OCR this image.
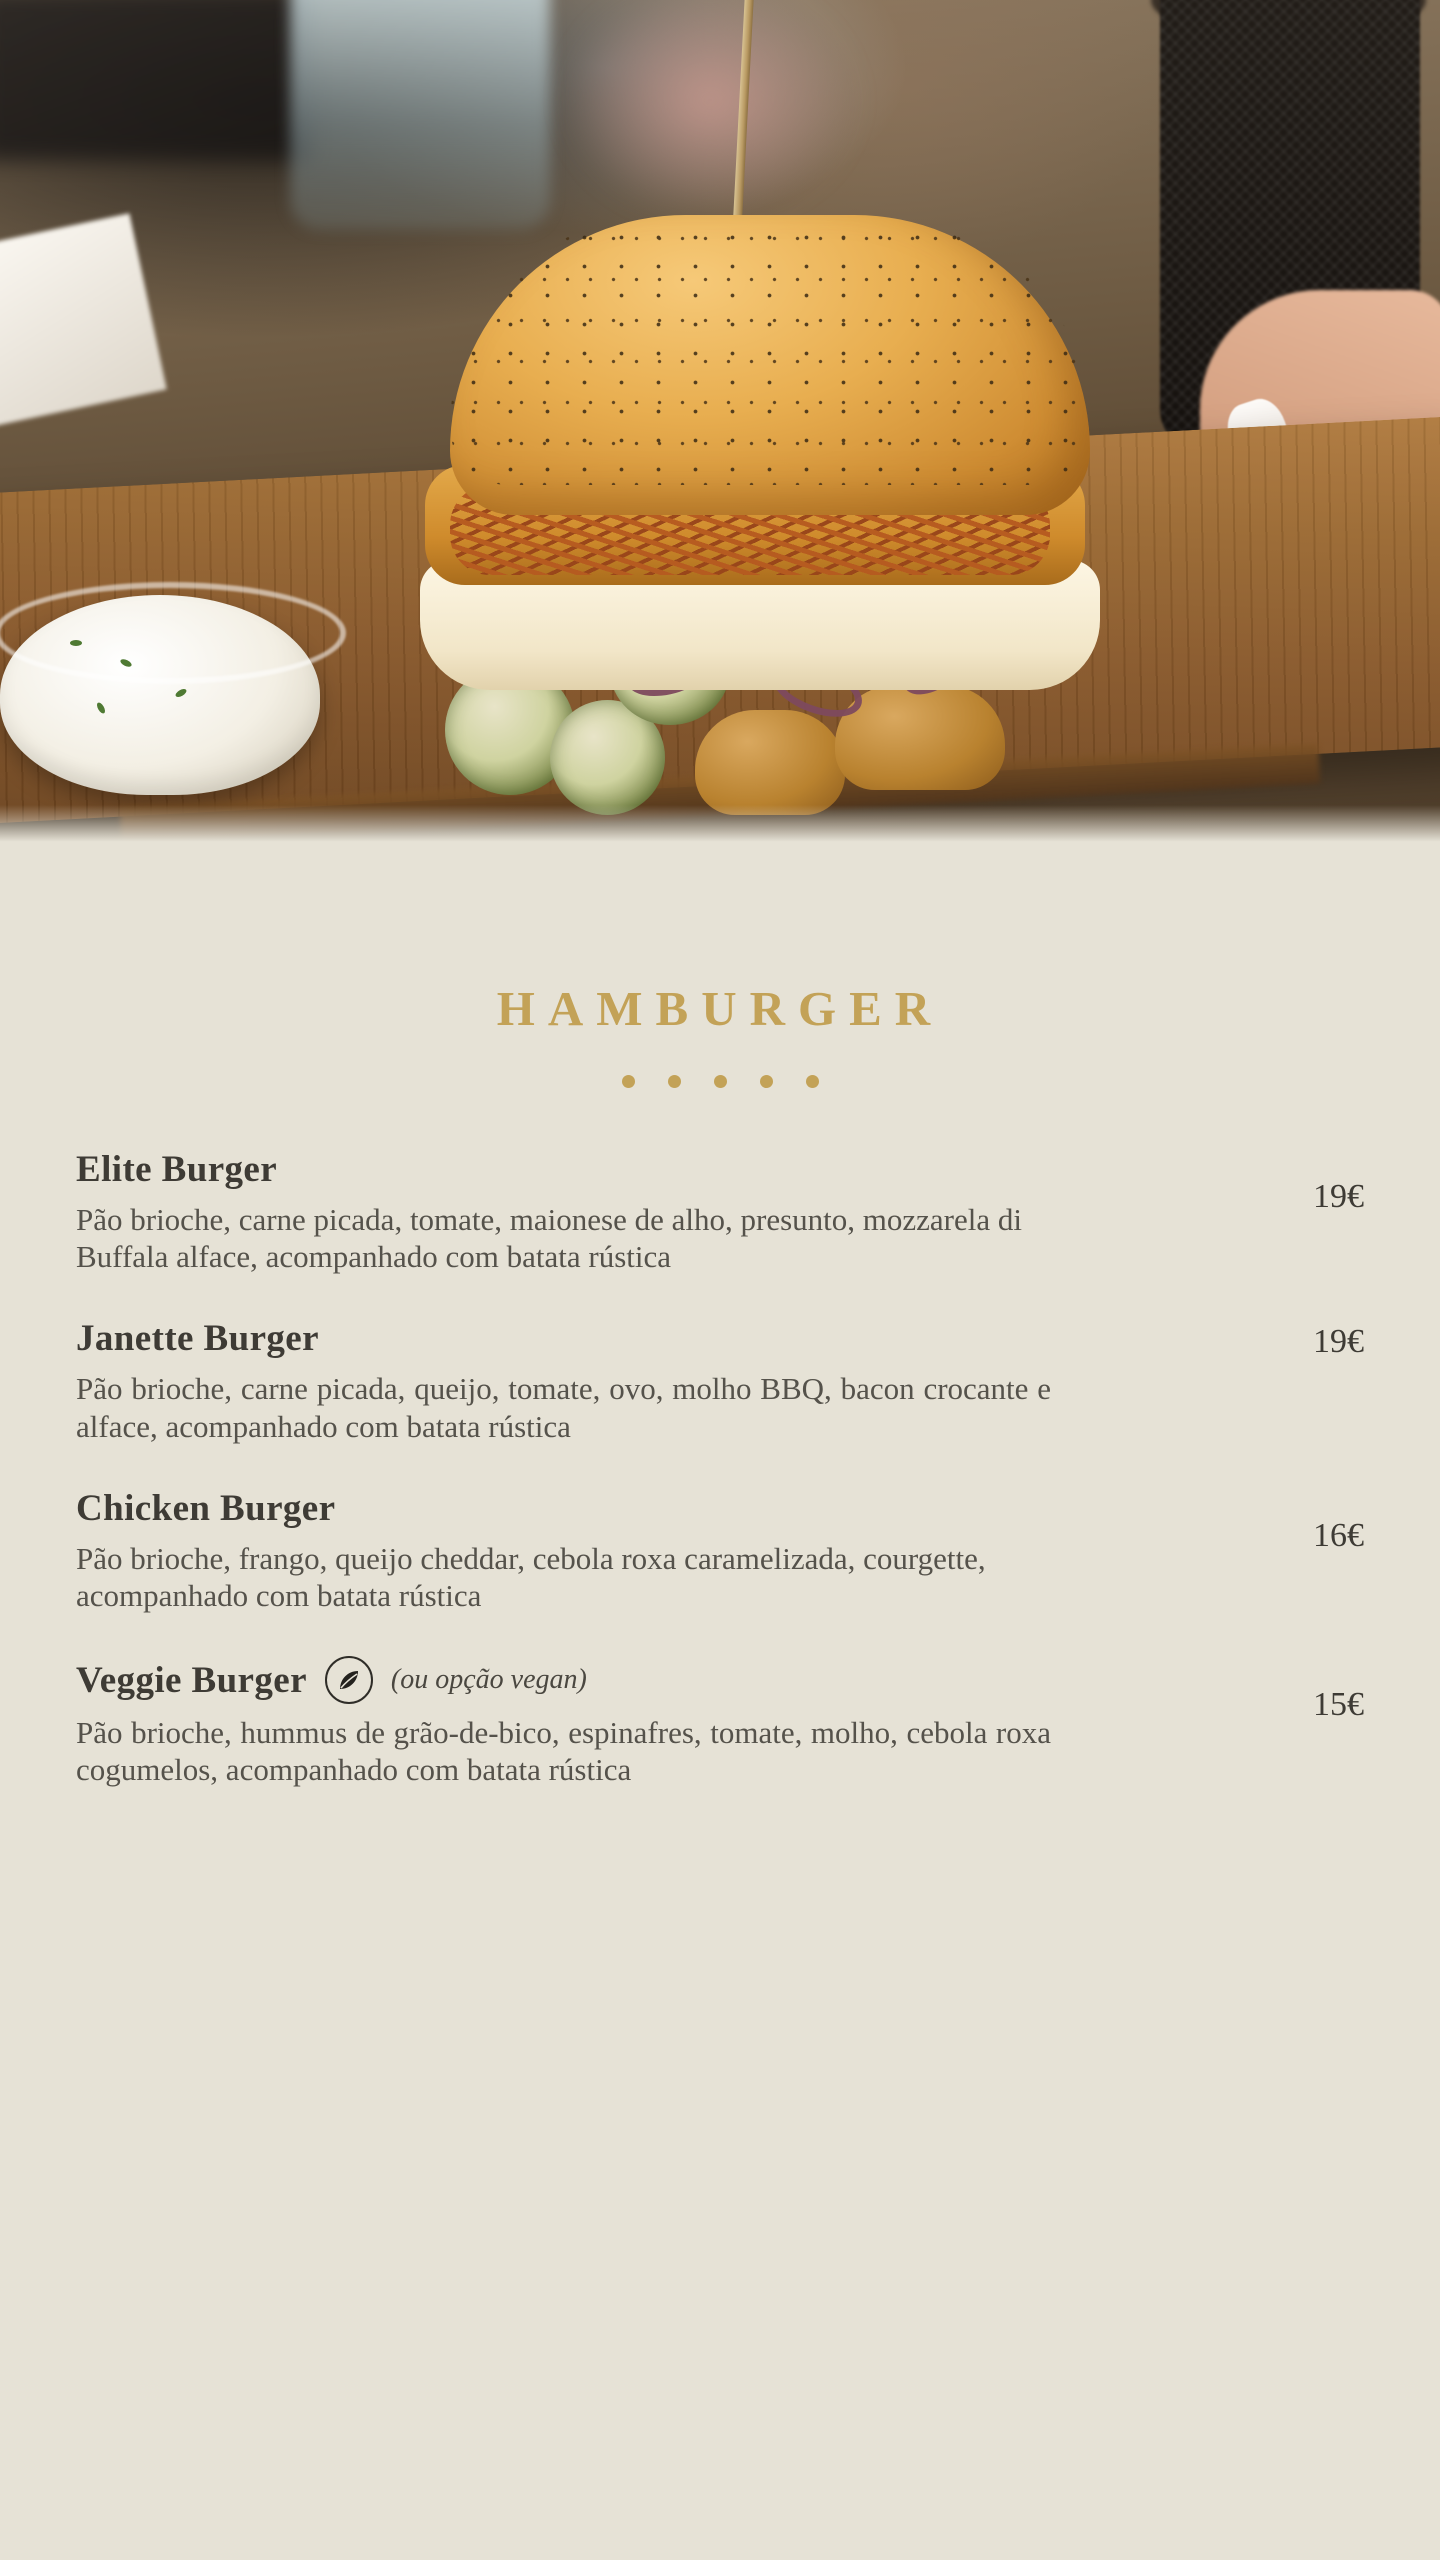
HAMBURGER
Elite Burger
Pão brioche, carne picada, tomate, maionese de alho, presunto, mozzarela di Buffala alface, acompanhado com batata rústica
19€
Janette Burger
Pão brioche, carne picada, queijo, tomate, ovo, molho BBQ, bacon crocante e alface, acompanhado com batata rústica
19€
Chicken Burger
Pão brioche, frango, queijo cheddar, cebola roxa caramelizada, courgette, acompanhado com batata rústica
16€
Veggie Burger	(ou opção vegan)
Pão brioche, hummus de grão-de-bico, espinafres, tomate, molho, cebola roxa cogumelos, acompanhado com batata rústica
15€
